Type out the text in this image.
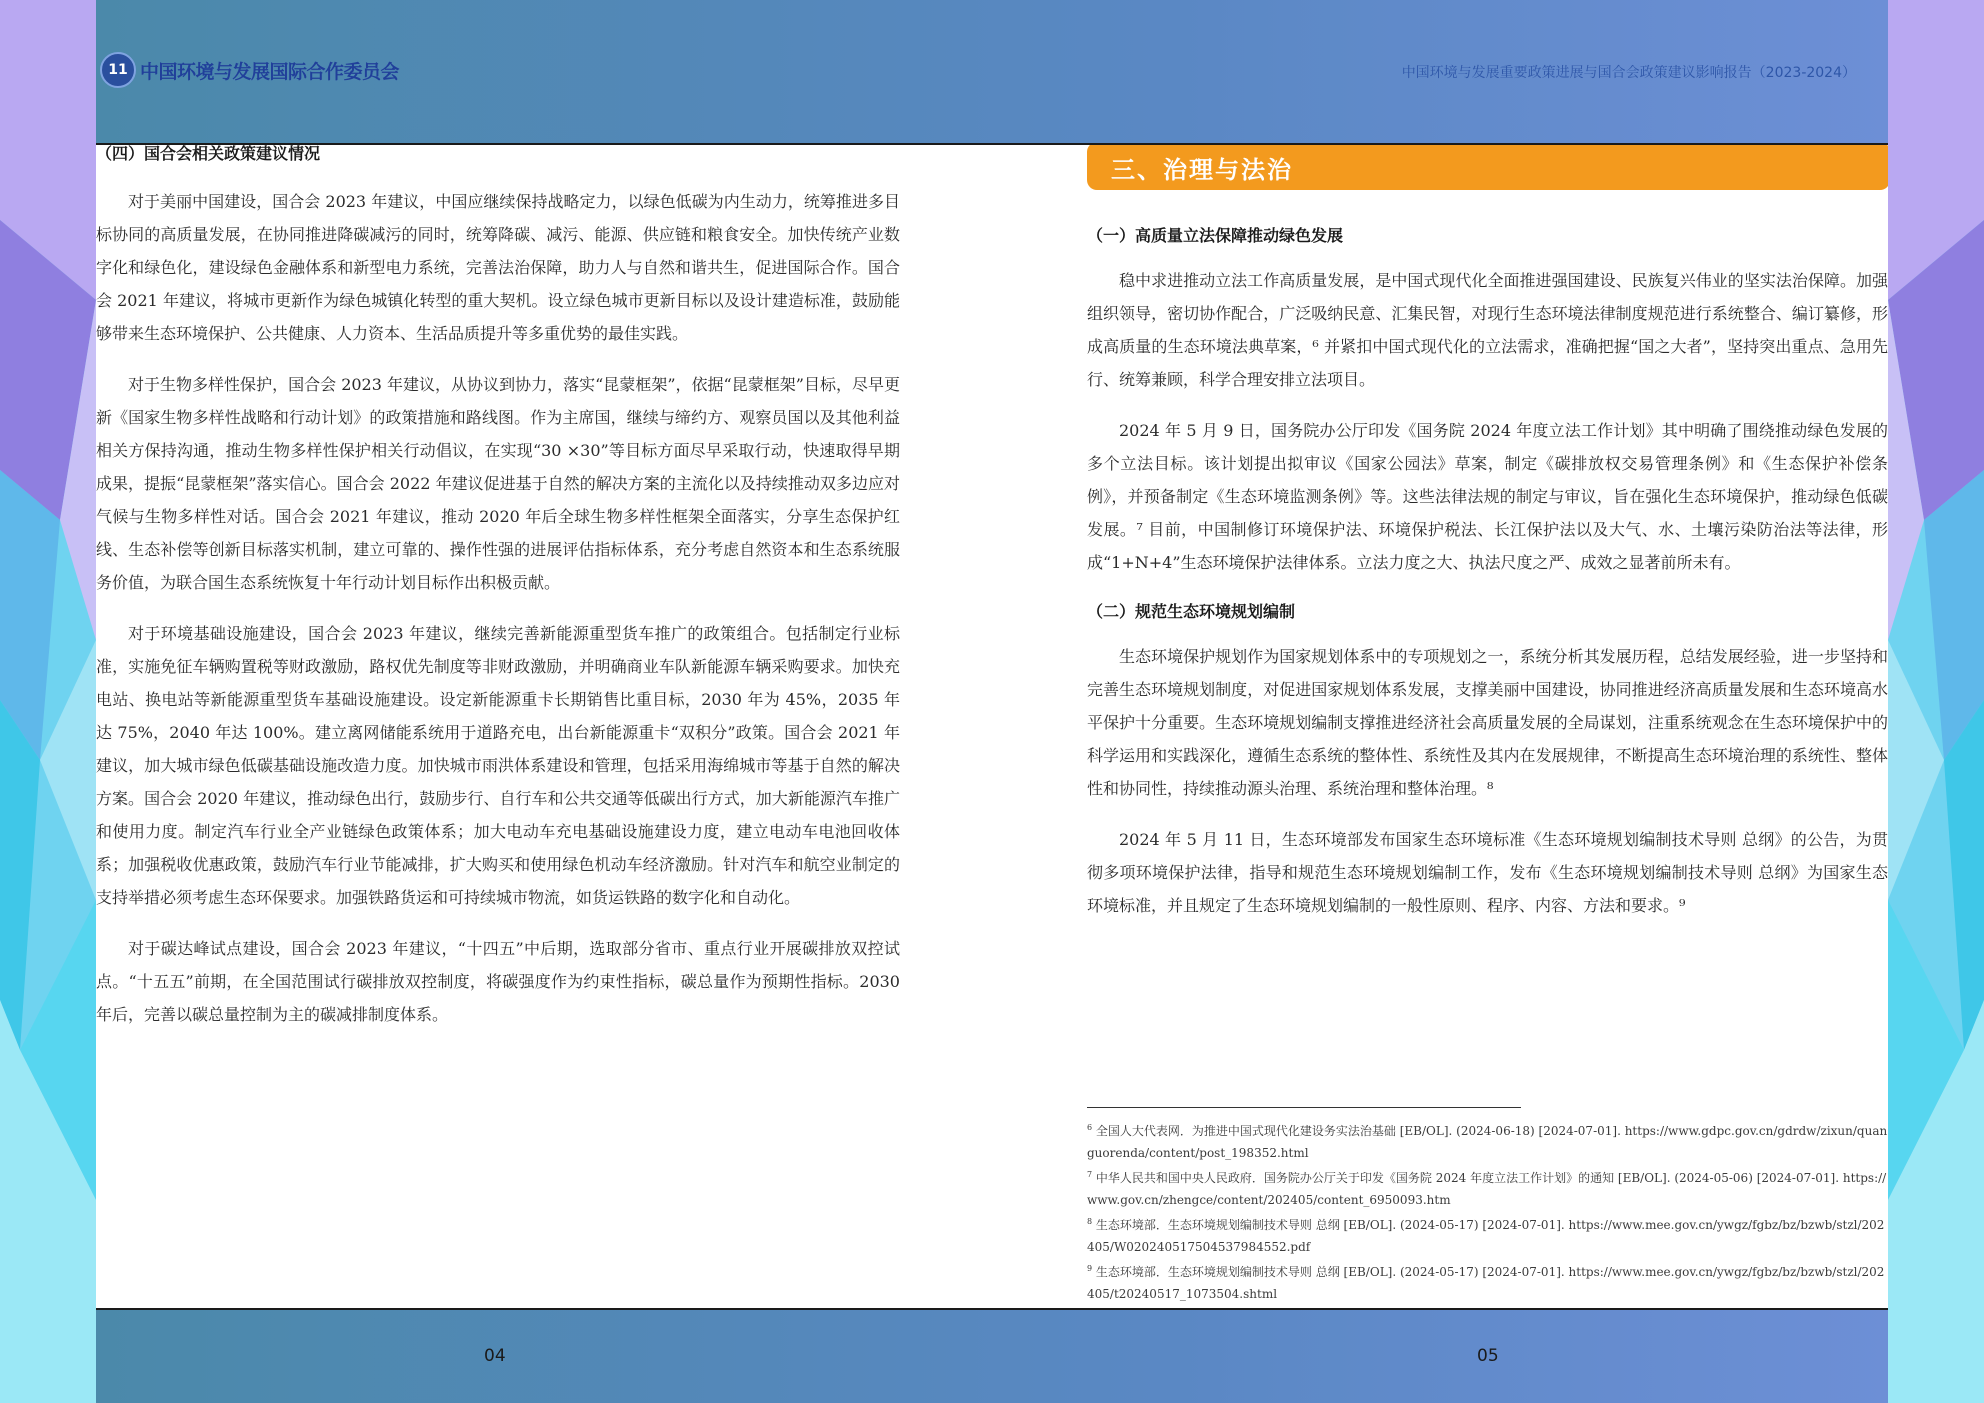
11 中国环境与发展国际合作委员会	中国环境与发展重要政策进展与国合会政策建议影响报告（2023-2024）
（四）国合会相关政策建议情况

对于美丽中国建设，国合会 2023 年建议，中国应继续保持战略定力，以绿色低碳为内生动力，统筹推进多目标协同的高质量发展，在协同推进降碳减污的同时，统筹降碳、减污、能源、供应链和粮食安全。加快传统产业数字化和绿色化，建设绿色金融体系和新型电力系统，完善法治保障，助力人与自然和谐共生，促进国际合作。国合会 2021 年建议，将城市更新作为绿色城镇化转型的重大契机。设立绿色城市更新目标以及设计建造标准，鼓励能够带来生态环境保护、公共健康、人力资本、生活品质提升等多重优势的最佳实践。

对于生物多样性保护，国合会 2023 年建议，从协议到协力，落实“昆蒙框架”，依据“昆蒙框架”目标，尽早更新《国家生物多样性战略和行动计划》的政策措施和路线图。作为主席国，继续与缔约方、观察员国以及其他利益相关方保持沟通，推动生物多样性保护相关行动倡议，在实现“30 ×30”等目标方面尽早采取行动，快速取得早期成果，提振“昆蒙框架”落实信心。国合会 2022 年建议促进基于自然的解决方案的主流化以及持续推动双多边应对气候与生物多样性对话。国合会 2021 年建议，推动 2020 年后全球生物多样性框架全面落实，分享生态保护红线、生态补偿等创新目标落实机制，建立可靠的、操作性强的进展评估指标体系，充分考虑自然资本和生态系统服务价值，为联合国生态系统恢复十年行动计划目标作出积极贡献。

对于环境基础设施建设，国合会 2023 年建议，继续完善新能源重型货车推广的政策组合。包括制定行业标准，实施免征车辆购置税等财政激励，路权优先制度等非财政激励，并明确商业车队新能源车辆采购要求。加快充电站、换电站等新能源重型货车基础设施建设。设定新能源重卡长期销售比重目标，2030 年为 45%，2035 年达 75%，2040 年达 100%。建立离网储能系统用于道路充电，出台新能源重卡“双积分”政策。国合会 2021 年建议，加大城市绿色低碳基础设施改造力度。加快城市雨洪体系建设和管理，包括采用海绵城市等基于自然的解决方案。国合会 2020 年建议，推动绿色出行，鼓励步行、自行车和公共交通等低碳出行方式，加大新能源汽车推广和使用力度。制定汽车行业全产业链绿色政策体系；加大电动车充电基础设施建设力度，建立电动车电池回收体系；加强税收优惠政策，鼓励汽车行业节能减排，扩大购买和使用绿色机动车经济激励。针对汽车和航空业制定的支持举措必须考虑生态环保要求。加强铁路货运和可持续城市物流，如货运铁路的数字化和自动化。

对于碳达峰试点建设，国合会 2023 年建议，“十四五”中后期，选取部分省市、重点行业开展碳排放双控试点。“十五五”前期，在全国范围试行碳排放双控制度，将碳强度作为约束性指标，碳总量作为预期性指标。2030 年后，完善以碳总量控制为主的碳减排制度体系。

三、治理与法治
（一）高质量立法保障推动绿色发展

稳中求进推动立法工作高质量发展，是中国式现代化全面推进强国建设、民族复兴伟业的坚实法治保障。加强组织领导，密切协作配合，广泛吸纳民意、汇集民智，对现行生态环境法律制度规范进行系统整合、编订纂修，形成高质量的生态环境法典草案，⁶ 并紧扣中国式现代化的立法需求，准确把握“国之大者”，坚持突出重点、急用先行、统筹兼顾，科学合理安排立法项目。

2024 年 5 月 9 日，国务院办公厅印发《国务院 2024 年度立法工作计划》其中明确了围绕推动绿色发展的多个立法目标。该计划提出拟审议《国家公园法》草案，制定《碳排放权交易管理条例》和《生态保护补偿条例》，并预备制定《生态环境监测条例》等。这些法律法规的制定与审议，旨在强化生态环境保护，推动绿色低碳发展。⁷ 目前，中国制修订环境保护法、环境保护税法、长江保护法以及大气、水、土壤污染防治法等法律，形成“1+N+4”生态环境保护法律体系。立法力度之大、执法尺度之严、成效之显著前所未有。

（二）规范生态环境规划编制

生态环境保护规划作为国家规划体系中的专项规划之一，系统分析其发展历程，总结发展经验，进一步坚持和完善生态环境规划制度，对促进国家规划体系发展，支撑美丽中国建设，协同推进经济高质量发展和生态环境高水平保护十分重要。生态环境规划编制支撑推进经济社会高质量发展的全局谋划，注重系统观念在生态环境保护中的科学运用和实践深化，遵循生态系统的整体性、系统性及其内在发展规律，不断提高生态环境治理的系统性、整体性和协同性，持续推动源头治理、系统治理和整体治理。⁸

2024 年 5 月 11 日，生态环境部发布国家生态环境标准《生态环境规划编制技术导则 总纲》的公告，为贯彻多项环境保护法律，指导和规范生态环境规划编制工作，发布《生态环境规划编制技术导则 总纲》为国家生态环境标准，并且规定了生态环境规划编制的一般性原则、程序、内容、方法和要求。⁹

$^6$ 全国人大代表网．为推进中国式现代化建设务实法治基础 [EB/OL]. (2024-06-18) [2024-07-01]. https://www.gdpc.gov.cn/gdrdw/zixun/quanguorenda/content/post_198352.html

$^7$ 中华人民共和国中央人民政府．国务院办公厅关于印发《国务院 2024 年度立法工作计划》的通知 [EB/OL]. (2024-05-06) [2024-07-01]. https://www.gov.cn/zhengce/content/202405/content_6950093.htm

$^8$ 生态环境部．生态环境规划编制技术导则 总纲 [EB/OL]. (2024-05-17) [2024-07-01]. https://www.mee.gov.cn/ywgz/fgbz/bz/bzwb/stzl/202405/W020240517504537984552.pdf

$^9$ 生态环境部．生态环境规划编制技术导则 总纲 [EB/OL]. (2024-05-17) [2024-07-01]. https://www.mee.gov.cn/ywgz/fgbz/bz/bzwb/stzl/202405/t20240517_1073504.shtml

04	05
